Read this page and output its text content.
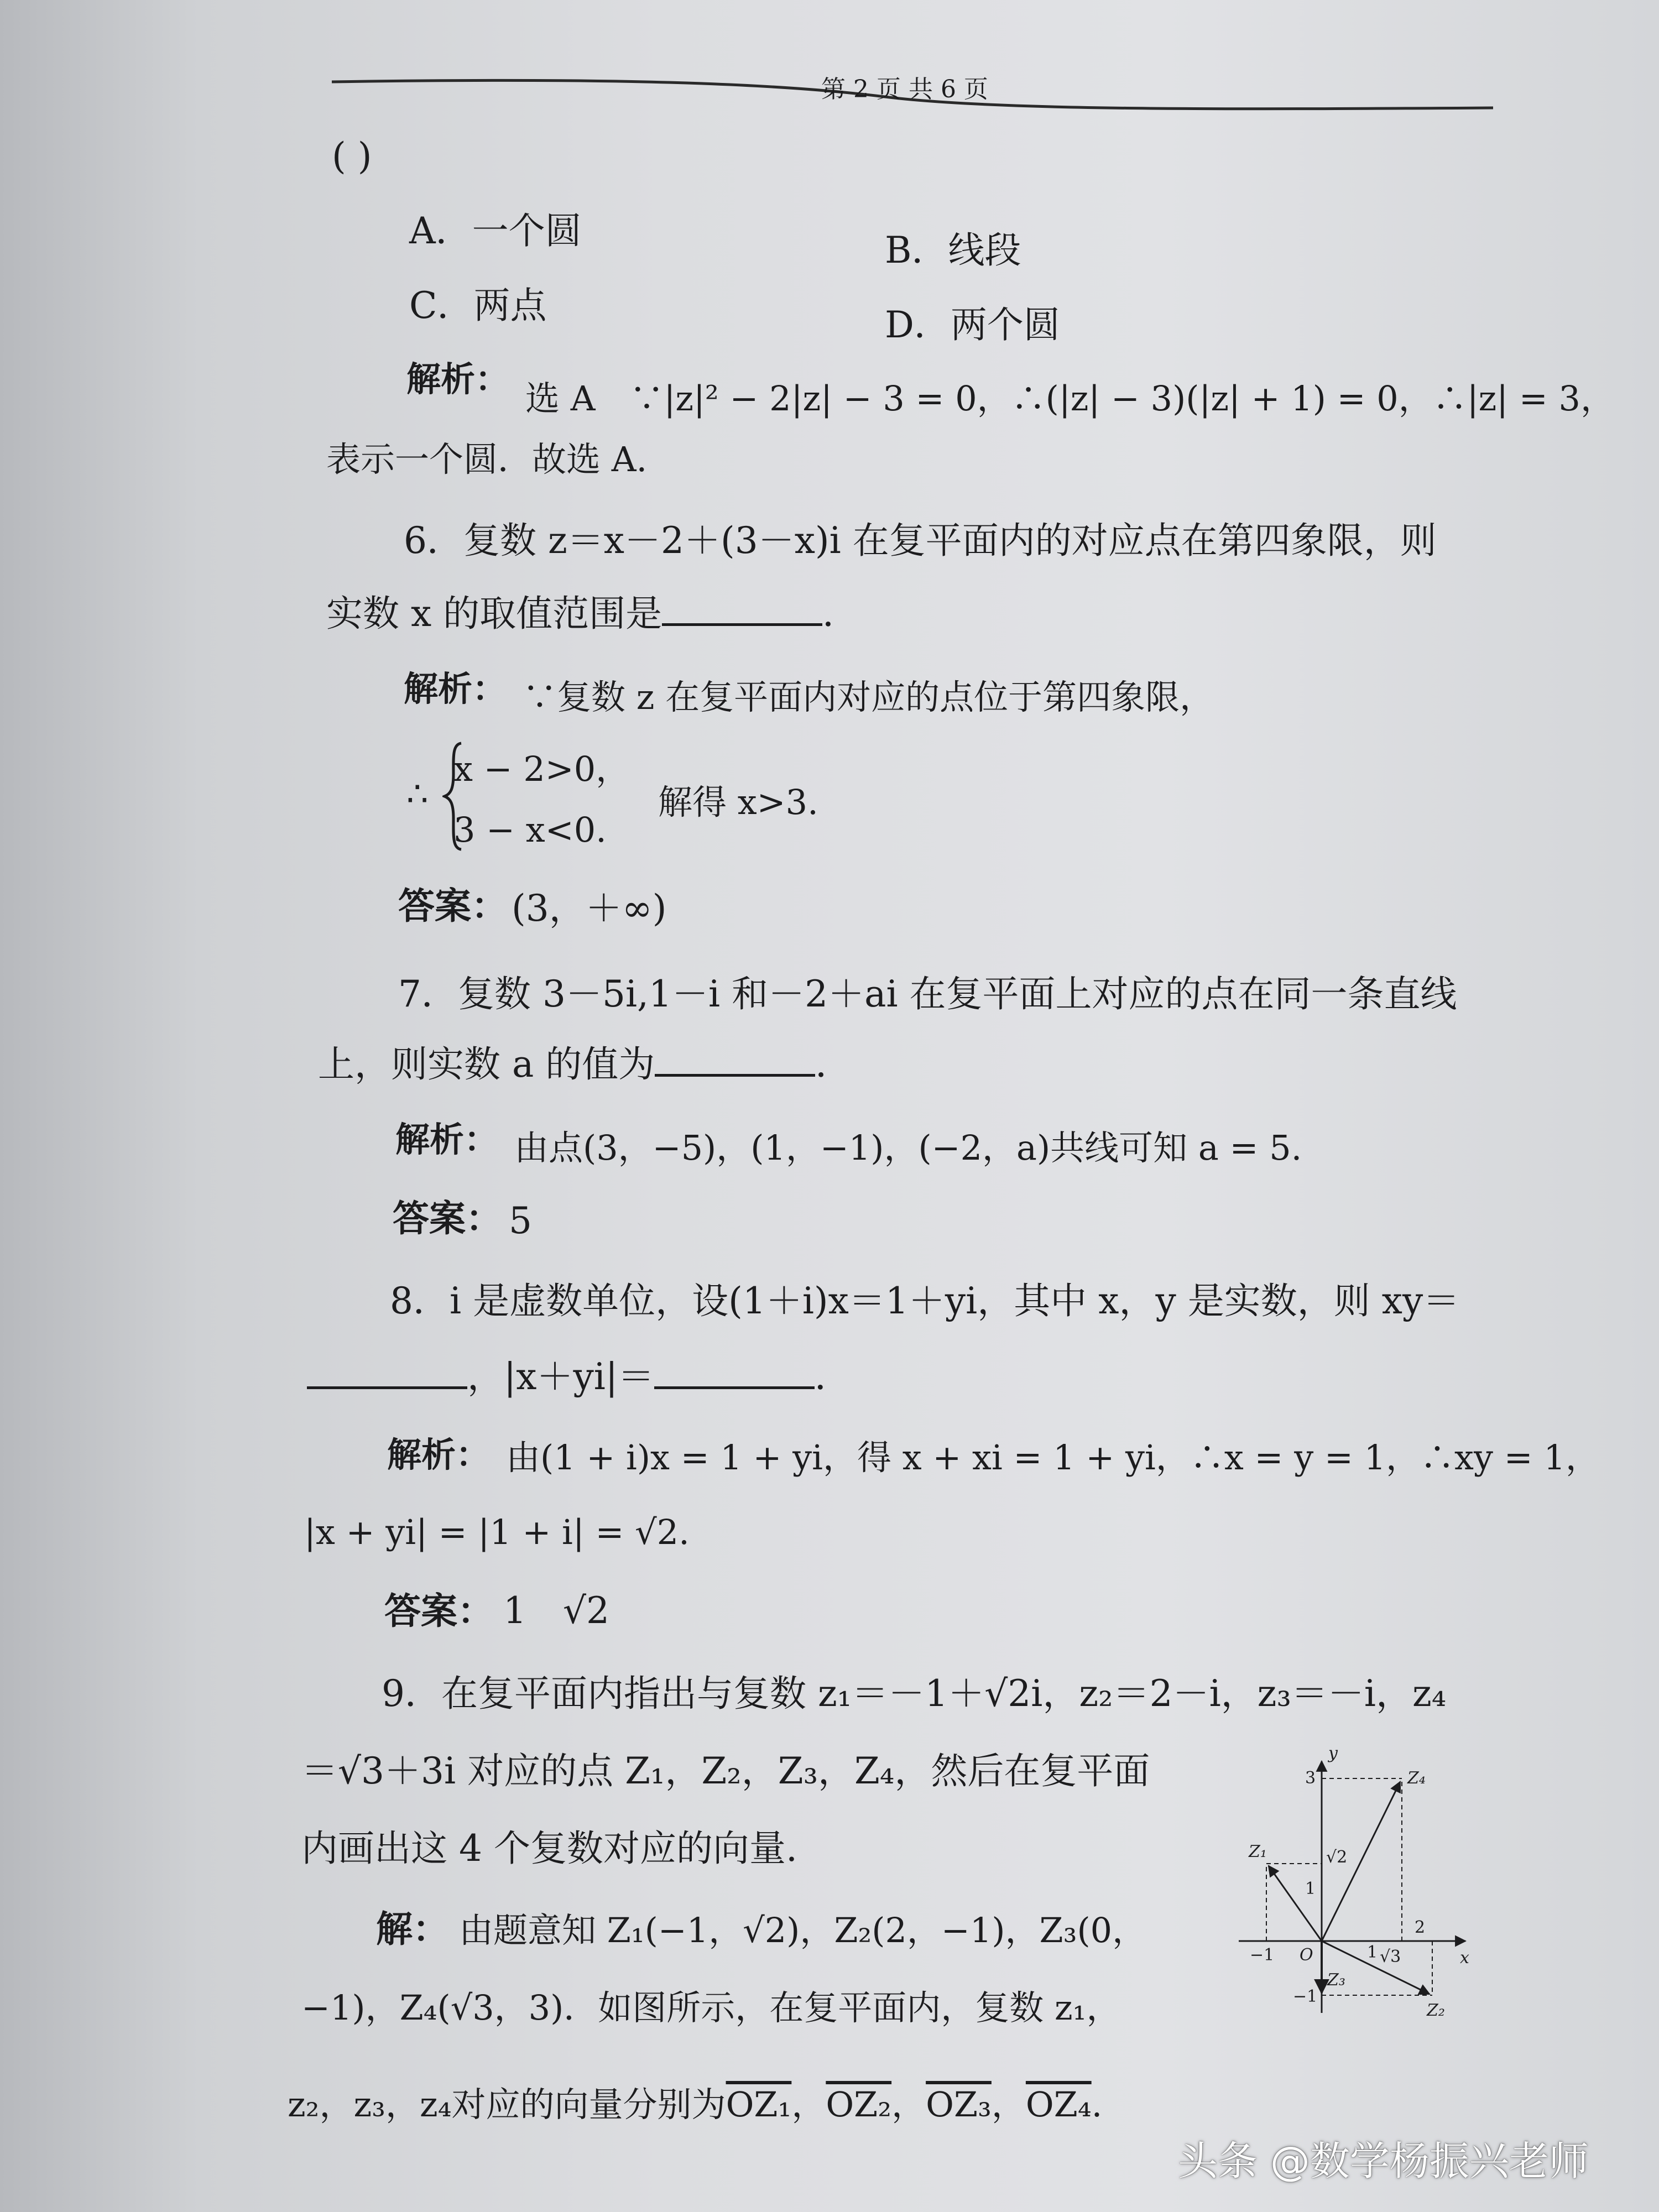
第 2 页 共 6 页
( )
A．一个圆	B．线段
C．两点	D．两个圆
解析： 选 A　∵|z|² − 2|z| − 3 = 0，∴(|z| − 3)(|z| + 1) = 0，∴|z| = 3，
表示一个圆．故选 A.
6．复数 z＝x－2＋(3－x)i 在复平面内的对应点在第四象限，则
实数 x 的取值范围是	．
解析： ∵复数 z 在复平面内对应的点位于第四象限，
∴
x − 2>0，
3 − x<0.
解得 x>3.
答案： (3，＋∞)
7．复数 3－5i,1－i 和－2＋ai 在复平面上对应的点在同一条直线
上，则实数 a 的值为	．
解析： 由点(3，−5)，(1，−1)，(−2，a)共线可知 a = 5.
答案： 5
8．i 是虚数单位，设(1＋i)x＝1＋yi，其中 x，y 是实数，则 xy＝
，|x＋yi|＝	．
解析： 由(1 + i)x = 1 + yi，得 x + xi = 1 + yi，∴x = y = 1，∴xy = 1，
|x + yi| = |1 + i| = √2.
答案： 1　√2
9．在复平面内指出与复数 z₁＝－1＋√2i，z₂＝2－i，z₃＝－i，z₄
＝√3＋3i 对应的点 Z₁，Z₂，Z₃，Z₄，然后在复平面
内画出这 4 个复数对应的向量.
解： 由题意知 Z₁(−1，√2)，Z₂(2，−1)，Z₃(0，
−1)，Z₄(√3，3)．如图所示，在复平面内，复数 z₁，
z₂，z₃，z₄对应的向量分别为OZ₁，OZ₂，OZ₃，OZ₄.
y
x
O
3
√2
1
2
−1	1 √3
−1
Z₁
Z₂
Z₃
Z₄
头条 @数学杨振兴老师
